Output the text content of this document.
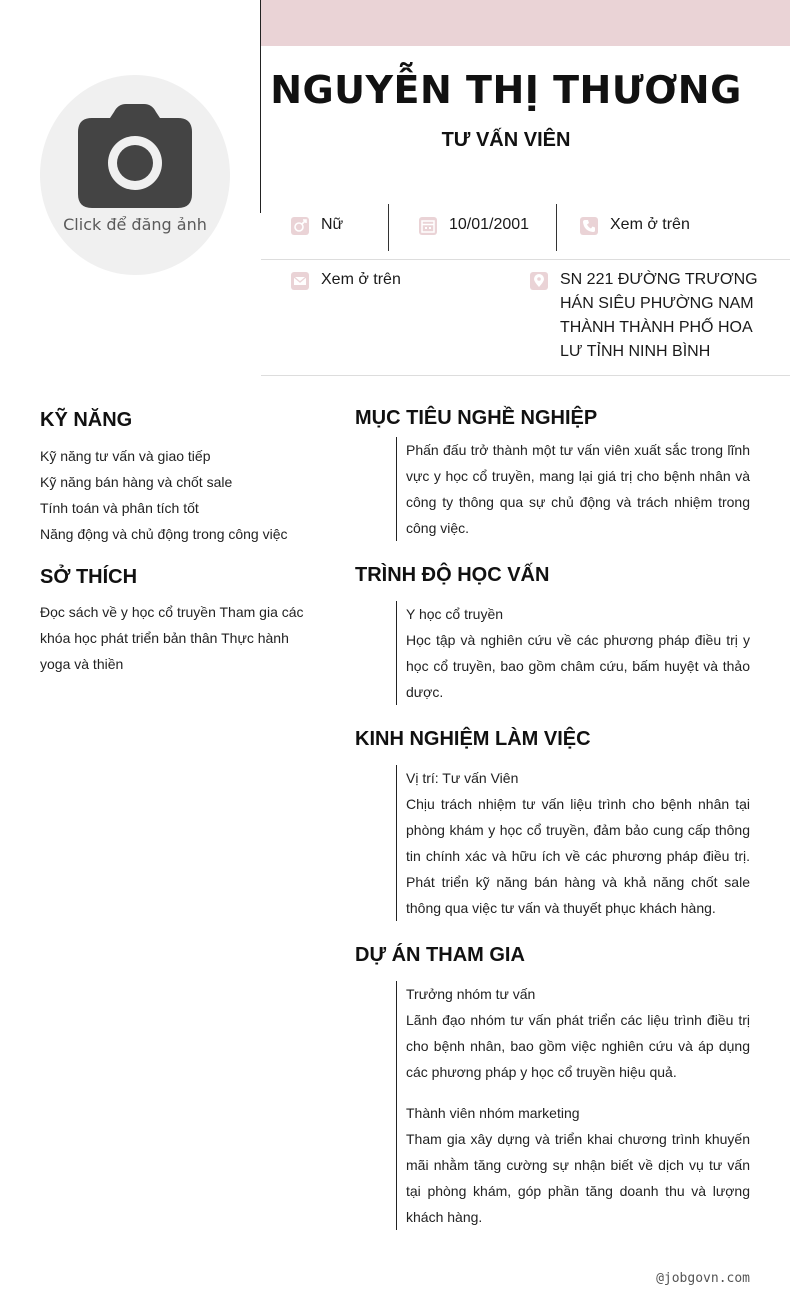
Click để đăng ảnh
NGUYỄN THỊ THƯƠNG
TƯ VẤN VIÊN
Nữ	10/01/2001	Xem ở trên
Xem ở trên	SN 221 ĐƯỜNG TRƯƠNG HÁN SIÊU PHƯỜNG NAM THÀNH THÀNH PHỐ HOA LƯ TỈNH NINH BÌNH
KỸ NĂNG
Kỹ năng tư vấn và giao tiếp
Kỹ năng bán hàng và chốt sale
Tính toán và phân tích tốt
Năng động và chủ động trong công việc
SỞ THÍCH
Đọc sách về y học cổ truyền Tham gia các khóa học phát triển bản thân Thực hành yoga và thiền
MỤC TIÊU NGHỀ NGHIỆP
Phấn đấu trở thành một tư vấn viên xuất sắc trong lĩnh vực y học cổ truyền, mang lại giá trị cho bệnh nhân và công ty thông qua sự chủ động và trách nhiệm trong công việc.
TRÌNH ĐỘ HỌC VẤN
Y học cổ truyền
Học tập và nghiên cứu về các phương pháp điều trị y học cổ truyền, bao gồm châm cứu, bấm huyệt và thảo dược.
KINH NGHIỆM LÀM VIỆC
Vị trí: Tư vấn Viên
Chịu trách nhiệm tư vấn liệu trình cho bệnh nhân tại phòng khám y học cổ truyền, đảm bảo cung cấp thông tin chính xác và hữu ích về các phương pháp điều trị. Phát triển kỹ năng bán hàng và khả năng chốt sale thông qua việc tư vấn và thuyết phục khách hàng.
DỰ ÁN THAM GIA
Trưởng nhóm tư vấn
Lãnh đạo nhóm tư vấn phát triển các liệu trình điều trị cho bệnh nhân, bao gồm việc nghiên cứu và áp dụng các phương pháp y học cổ truyền hiệu quả.
Thành viên nhóm marketing
Tham gia xây dựng và triển khai chương trình khuyến mãi nhằm tăng cường sự nhận biết về dịch vụ tư vấn tại phòng khám, góp phần tăng doanh thu và lượng khách hàng.
@jobgovn.com
